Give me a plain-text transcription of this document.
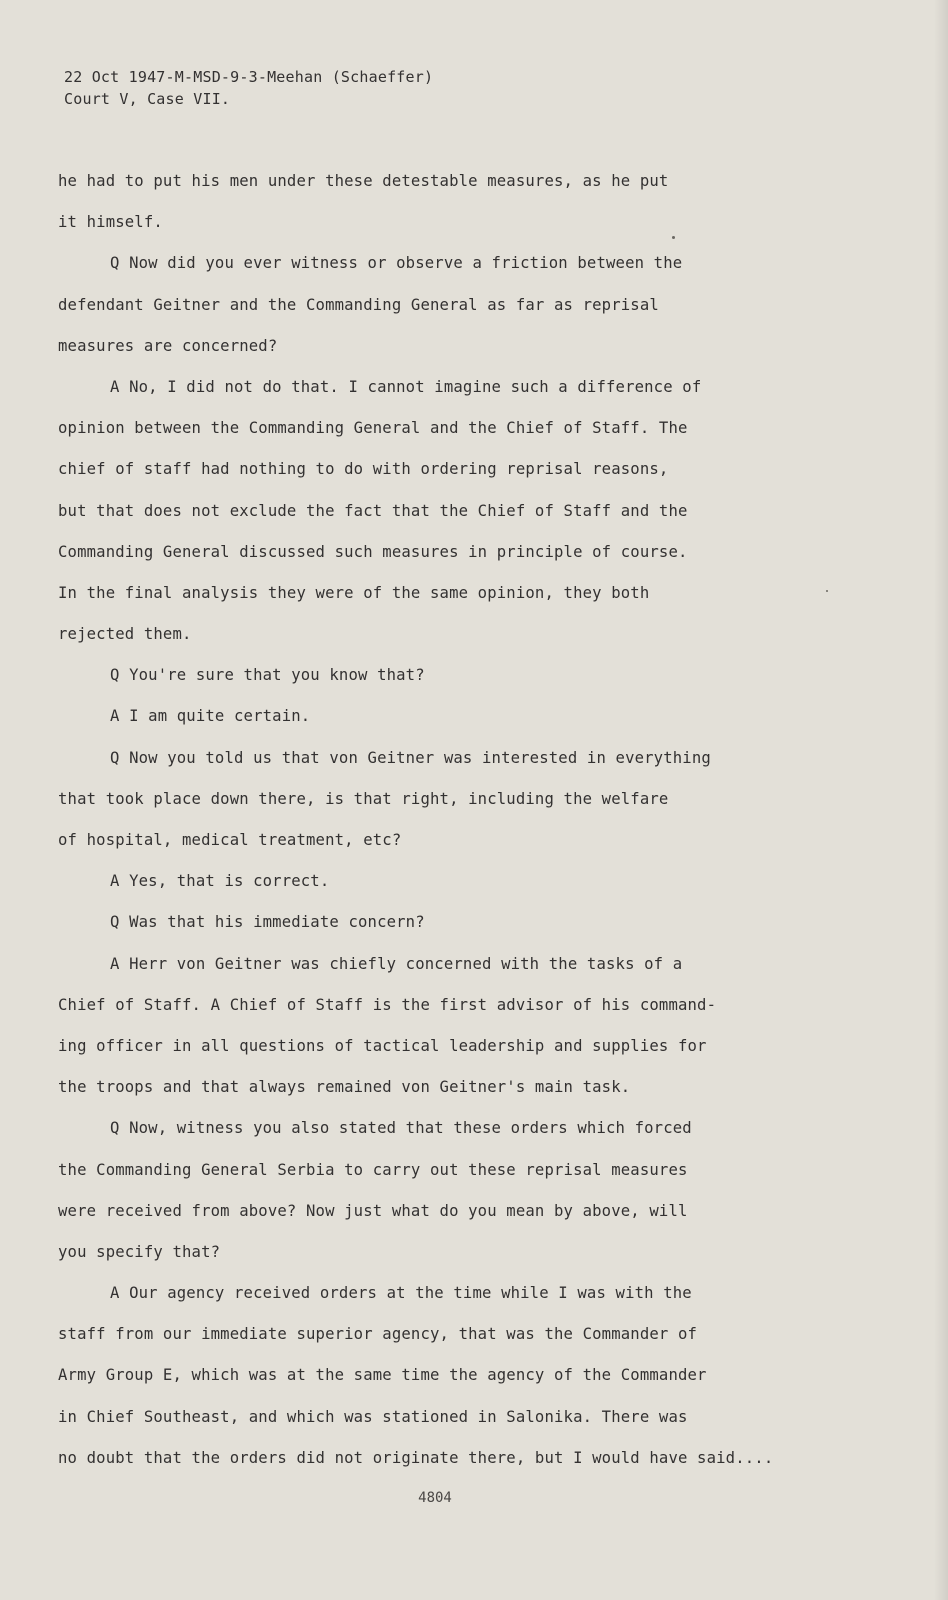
22 Oct 1947-M-MSD-9-3-Meehan (Schaeffer)
Court V, Case VII.
he had to put his men under these detestable measures, as he put
it himself.
Q Now did you ever witness or observe a friction between the
defendant Geitner and the Commanding General as far as reprisal
measures are concerned?
A No, I did not do that. I cannot imagine such a difference of
opinion between the Commanding General and the Chief of Staff. The
chief of staff had nothing to do with ordering reprisal reasons,
but that does not exclude the fact that the Chief of Staff and the
Commanding General discussed such measures in principle of course.
In the final analysis they were of the same opinion, they both
rejected them.
Q You're sure that you know that?
A I am quite certain.
Q Now you told us that von Geitner was interested in everything
that took place down there, is that right, including the welfare
of hospital, medical treatment, etc?
A Yes, that is correct.
Q Was that his immediate concern?
A Herr von Geitner was chiefly concerned with the tasks of a
Chief of Staff. A Chief of Staff is the first advisor of his command-
ing officer in all questions of tactical leadership and supplies for
the troops and that always remained von Geitner's main task.
Q Now, witness you also stated that these orders which forced
the Commanding General Serbia to carry out these reprisal measures
were received from above? Now just what do you mean by above, will
you specify that?
A Our agency received orders at the time while I was with the
staff from our immediate superior agency, that was the Commander of
Army Group E, which was at the same time the agency of the Commander
in Chief Southeast, and which was stationed in Salonika. There was
no doubt that the orders did not originate there, but I would have said....
4804
